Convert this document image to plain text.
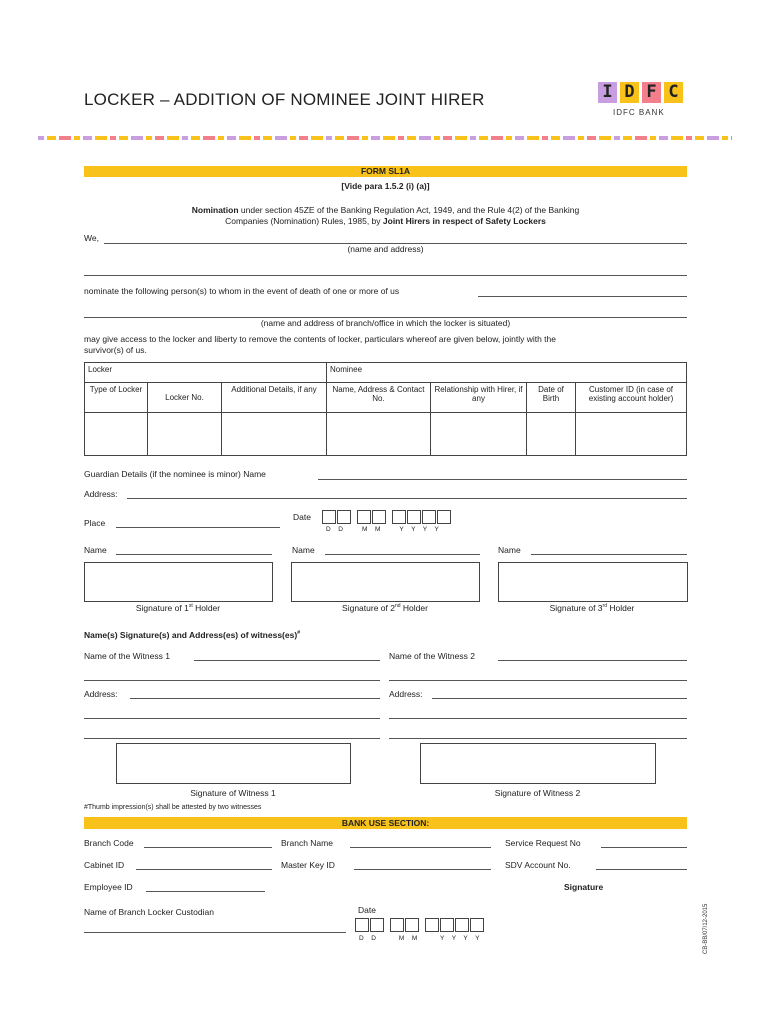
LOCKER – ADDITION OF NOMINEE JOINT HIRER	I D F C
IDFC BANK
FORM SL1A
[Vide para 1.5.2 (i) (a)]
Nomination under section 45ZE of the Banking Regulation Act, 1949, and the Rule 4(2) of the Banking
Companies (Nomination) Rules, 1985, by Joint Hirers in respect of Safety Lockers
We,
(name and address)
nominate the following person(s) to whom in the event of death of one or more of us
(name and address of branch/office in which the locker is situated)
may give access to the locker and liberty to remove the contents of locker, particulars whereof are given below, jointly with the
survivor(s) of us.
Locker			Nominee			
Type of Locker	Locker No.	Additional Details, if any	Name, Address & Contact No.	Relationship with Hirer, if any	Date of Birth	Customer ID (in case of existing account holder)

Guardian Details (if the nominee is minor) Name
Address:
Place
Date
D  D     M  M     Y  Y  Y  Y
Name	Name	Name
Signature of 1st Holder	Signature of 2nd Holder	Signature of 3rd Holder
Name(s) Signature(s) and Address(es) of witness(es)#
Name of the Witness 1	Name of the Witness 2
Address:	Address:
Signature of Witness 1	Signature of Witness 2
#Thumb impression(s) shall be attested by two witnesses
BANK USE SECTION:
Branch Code	Branch Name	Service Request No
Cabinet ID	Master Key ID	SDV Account No.
Employee ID	Signature
Name of Branch Locker Custodian	Date
D  D      M  M      Y  Y  Y  Y	CB-BB/07/12-2015
